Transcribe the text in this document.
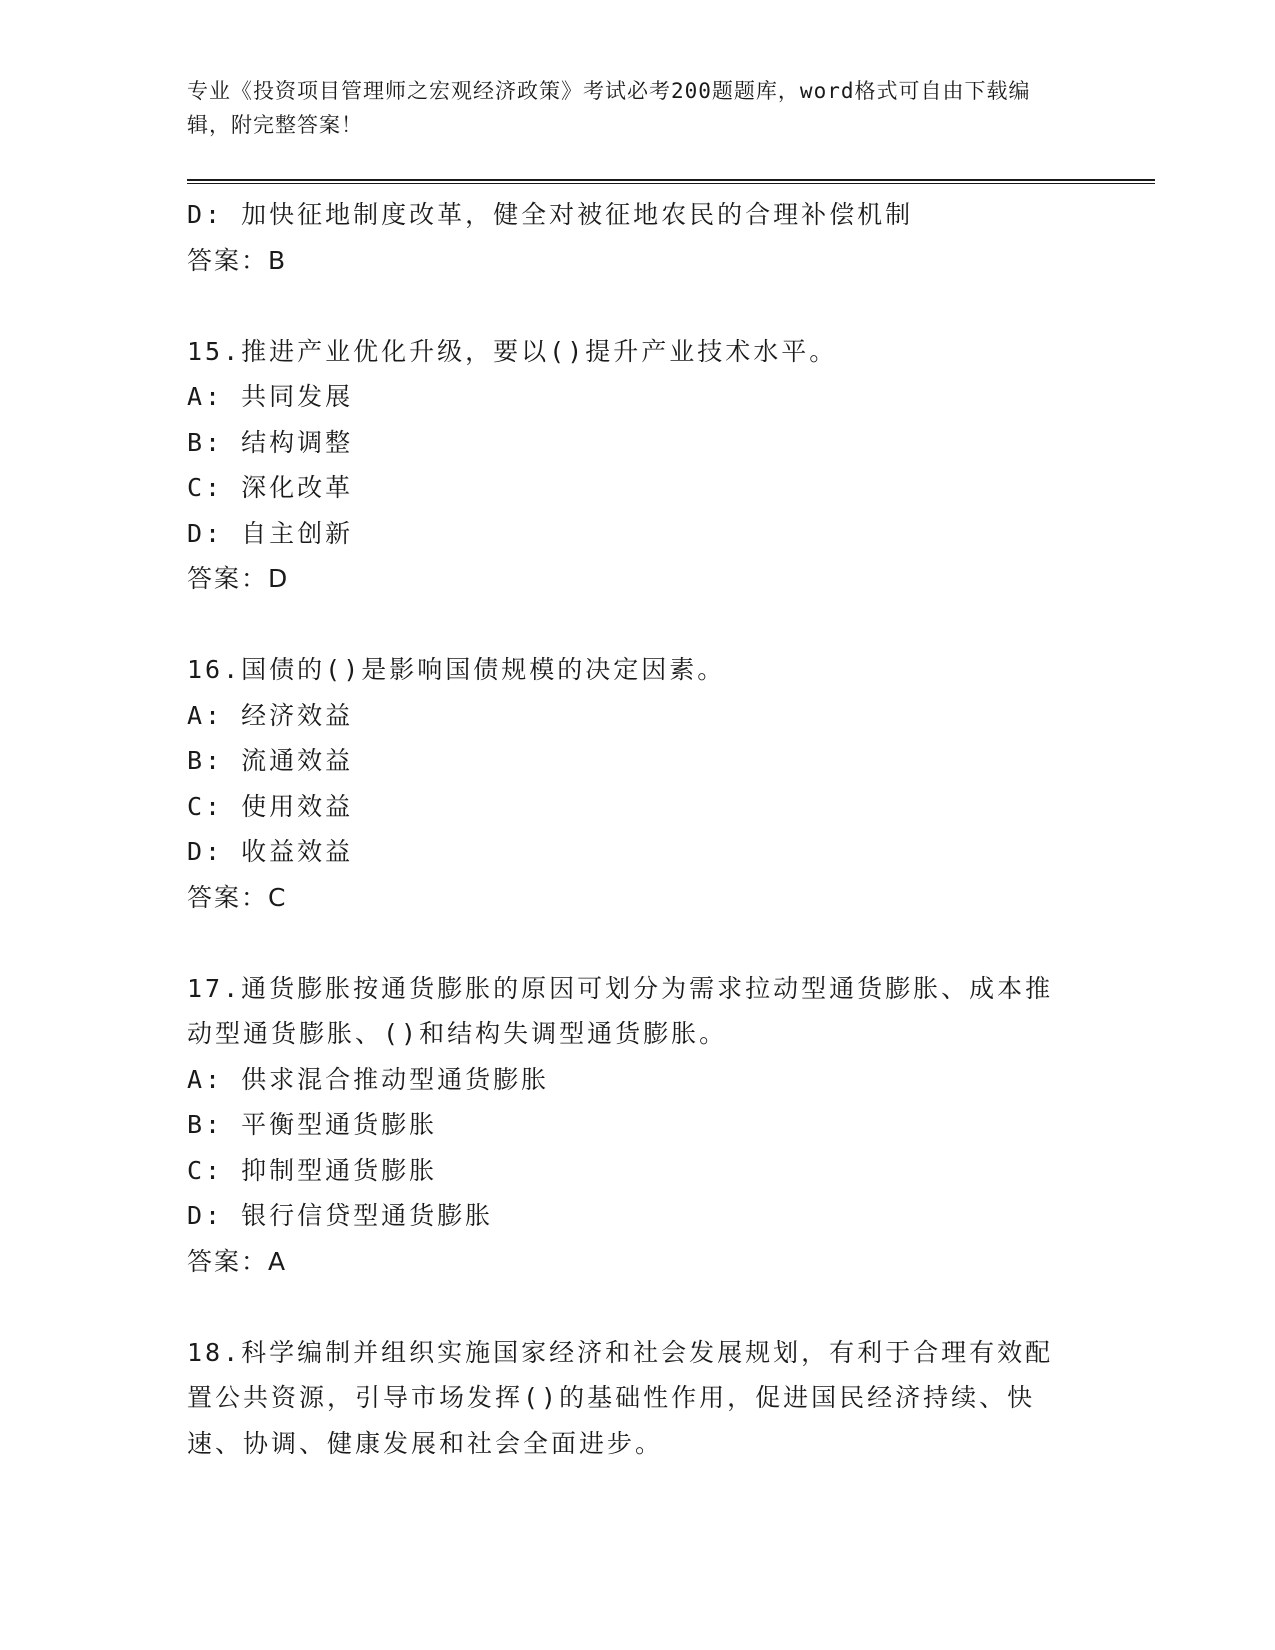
专业《投资项目管理师之宏观经济政策》考试必考200题题库，word格式可自由下载编辑，附完整答案！
D: 加快征地制度改革，健全对被征地农民的合理补偿机制
答案：B
15.推进产业优化升级，要以()提升产业技术水平。
A: 共同发展
B: 结构调整
C: 深化改革
D: 自主创新
答案：D
16.国债的()是影响国债规模的决定因素。
A: 经济效益
B: 流通效益
C: 使用效益
D: 收益效益
答案：C
17.通货膨胀按通货膨胀的原因可划分为需求拉动型通货膨胀、成本推动型通货膨胀、()和结构失调型通货膨胀。
A: 供求混合推动型通货膨胀
B: 平衡型通货膨胀
C: 抑制型通货膨胀
D: 银行信贷型通货膨胀
答案：A
18.科学编制并组织实施国家经济和社会发展规划，有利于合理有效配置公共资源，引导市场发挥()的基础性作用，促进国民经济持续、快速、协调、健康发展和社会全面进步。
